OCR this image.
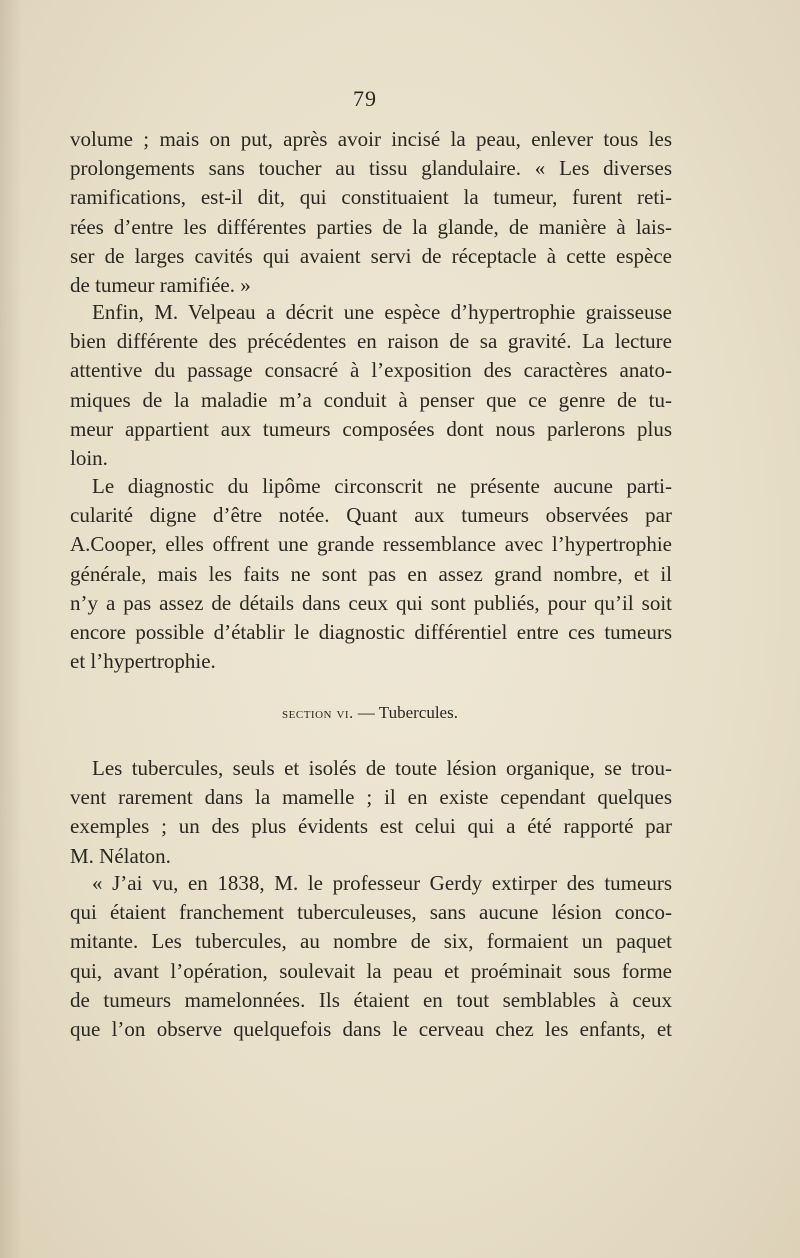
79
volume ; mais on put, après avoir incisé la peau, enlever tous les
prolongements sans toucher au tissu glandulaire. « Les diverses
ramifications, est-il dit, qui constituaient la tumeur, furent reti-
rées d’entre les différentes parties de la glande, de manière à lais-
ser de larges cavités qui avaient servi de réceptacle à cette espèce
de tumeur ramifiée. »
Enfin, M. Velpeau a décrit une espèce d’hypertrophie graisseuse
bien différente des précédentes en raison de sa gravité. La lecture
attentive du passage consacré à l’exposition des caractères anato-
miques de la maladie m’a conduit à penser que ce genre de tu-
meur appartient aux tumeurs composées dont nous parlerons plus
loin.
Le diagnostic du lipôme circonscrit ne présente aucune parti-
cularité digne d’être notée. Quant aux tumeurs observées par
A.Cooper, elles offrent une grande ressemblance avec l’hypertrophie
générale, mais les faits ne sont pas en assez grand nombre, et il
n’y a pas assez de détails dans ceux qui sont publiés, pour qu’il soit
encore possible d’établir le diagnostic différentiel entre ces tumeurs
et l’hypertrophie.
section vi. — Tubercules.
Les tubercules, seuls et isolés de toute lésion organique, se trou-
vent rarement dans la mamelle ; il en existe cependant quelques
exemples ; un des plus évidents est celui qui a été rapporté par
M. Nélaton.
« J’ai vu, en 1838, M. le professeur Gerdy extirper des tumeurs
qui étaient franchement tuberculeuses, sans aucune lésion conco-
mitante. Les tubercules, au nombre de six, formaient un paquet
qui, avant l’opération, soulevait la peau et proéminait sous forme
de tumeurs mamelonnées. Ils étaient en tout semblables à ceux
que l’on observe quelquefois dans le cerveau chez les enfants, et
